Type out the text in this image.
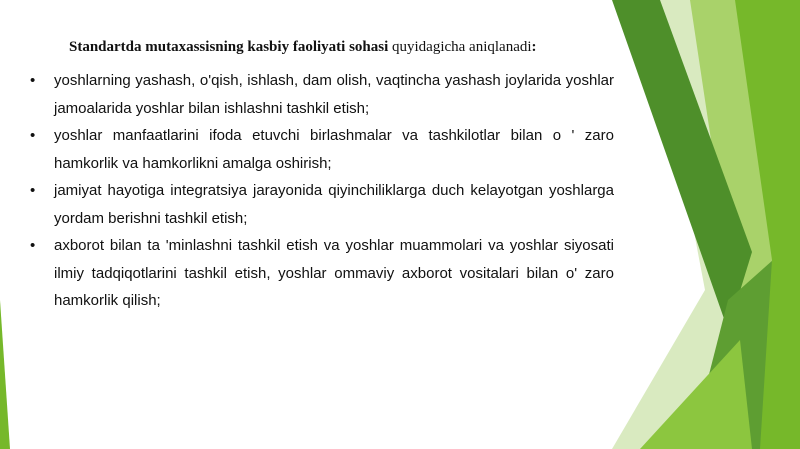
Standartda mutaxassisning kasbiy faoliyati sohasi quyidagicha aniqlanadi:
• yoshlarning yashash, o'qish, ishlash, dam olish, vaqtincha yashash joylarida yoshlar jamoalarida yoshlar bilan ishlashni tashkil etish;
• yoshlar manfaatlarini ifoda etuvchi birlashmalar va tashkilotlar bilan o ' zaro hamkorlik va hamkorlikni amalga oshirish;
• jamiyat hayotiga integratsiya jarayonida qiyinchiliklarga duch kelayotgan yoshlarga yordam berishni tashkil etish;
• axborot bilan ta 'minlashni tashkil etish va yoshlar muammolari va yoshlar siyosati ilmiy tadqiqotlarini tashkil etish, yoshlar ommaviy axborot vositalari bilan o' zaro hamkorlik qilish;
